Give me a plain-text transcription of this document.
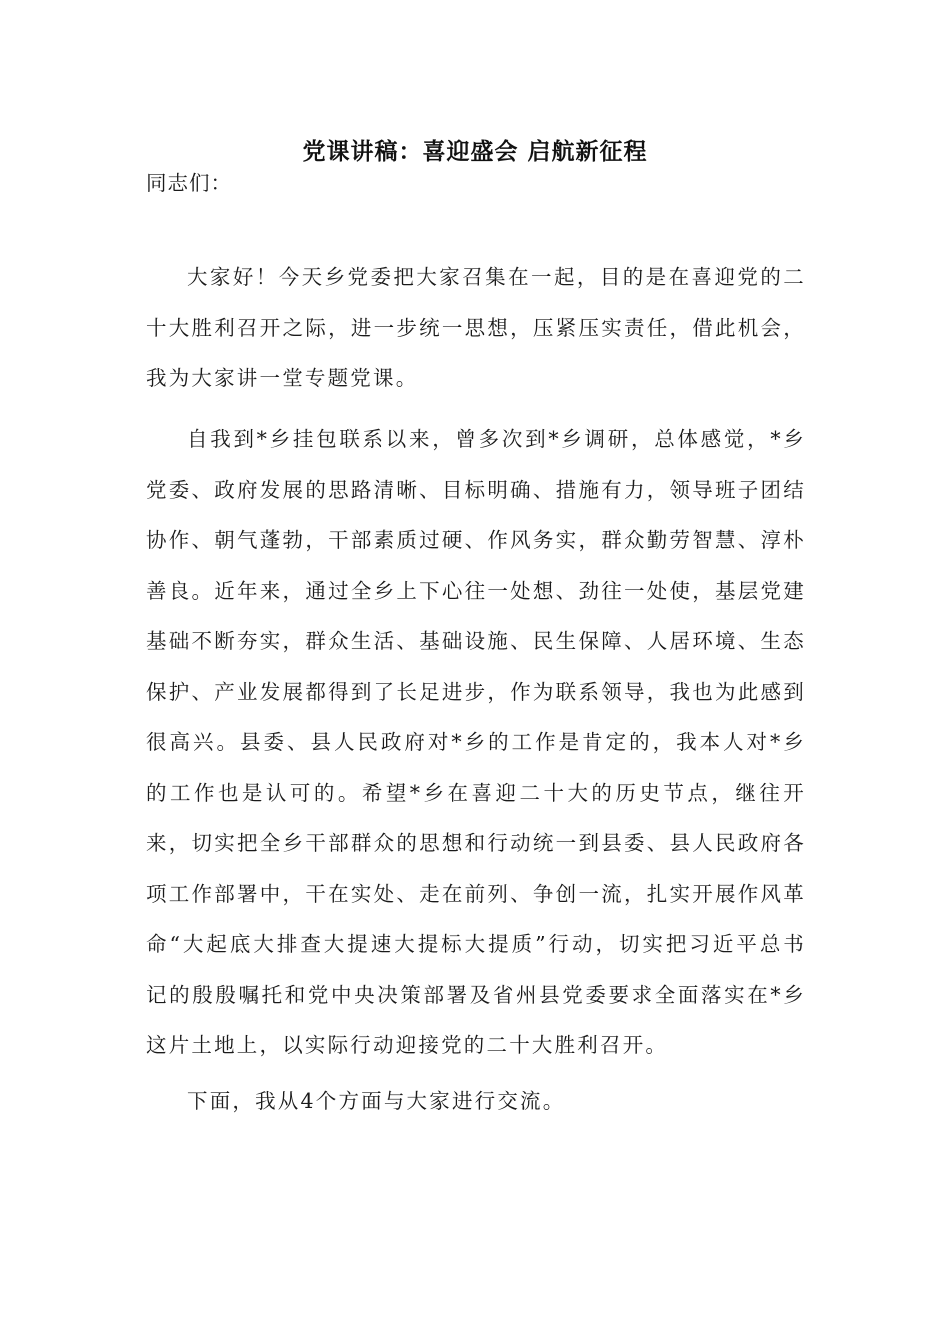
党课讲稿：喜迎盛会 启航新征程
同志们：
大家好！今天乡党委把大家召集在一起，目的是在喜迎党的二十大胜利召开之际，进一步统一思想，压紧压实责任，借此机会，我为大家讲一堂专题党课。
自我到*乡挂包联系以来，曾多次到*乡调研，总体感觉，*乡党委、政府发展的思路清晰、目标明确、措施有力，领导班子团结协作、朝气蓬勃，干部素质过硬、作风务实，群众勤劳智慧、淳朴善良。近年来，通过全乡上下心往一处想、劲往一处使，基层党建基础不断夯实，群众生活、基础设施、民生保障、人居环境、生态保护、产业发展都得到了长足进步，作为联系领导，我也为此感到很高兴。县委、县人民政府对*乡的工作是肯定的，我本人对*乡的工作也是认可的。希望*乡在喜迎二十大的历史节点，继往开来，切实把全乡干部群众的思想和行动统一到县委、县人民政府各项工作部署中，干在实处、走在前列、争创一流，扎实开展作风革命“大起底大排查大提速大提标大提质”行动，切实把习近平总书记的殷殷嘱托和党中央决策部署及省州县党委要求全面落实在*乡这片土地上，以实际行动迎接党的二十大胜利召开。
下面，我从4个方面与大家进行交流。
